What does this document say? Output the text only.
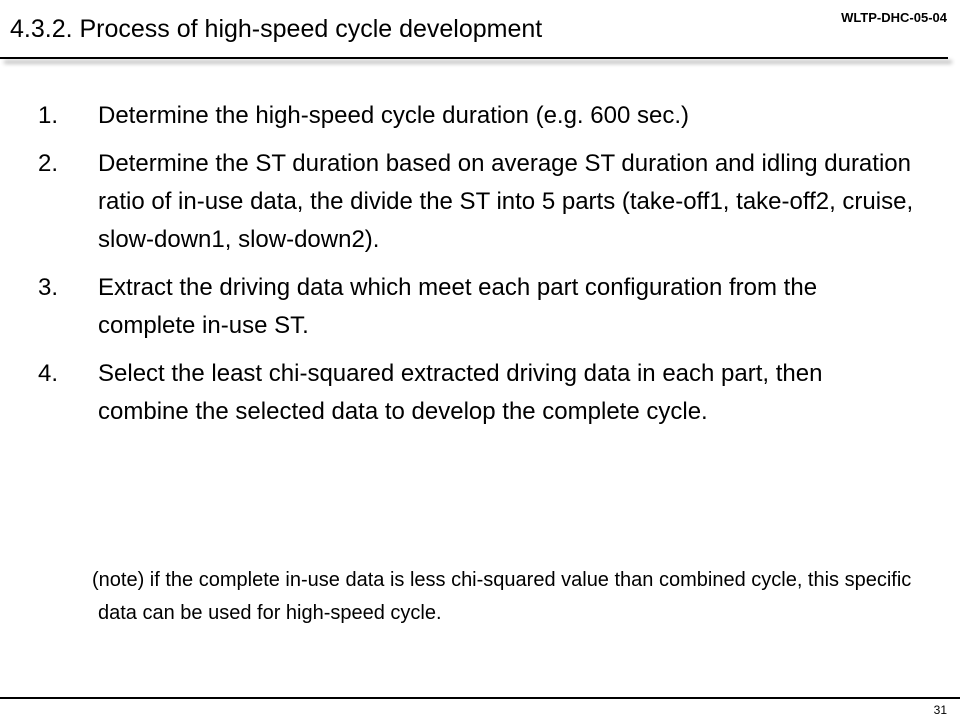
4.3.2. Process of high-speed cycle development	WLTP-DHC-05-04
1.	Determine the high-speed cycle duration (e.g. 600 sec.)
2.	Determine the ST duration based on average ST duration and idling duration ratio of in-use data, the divide the ST into 5 parts (take-off1, take-off2, cruise, slow-down1, slow-down2).
3.	Extract the driving data which meet each part configuration from the complete in-use ST.
4.	Select the least chi-squared extracted driving data in each part, then combine the selected data to develop the complete cycle.
(note) if the complete in-use data is less chi-squared value than combined cycle, this specific data can be used for high-speed cycle.
31
